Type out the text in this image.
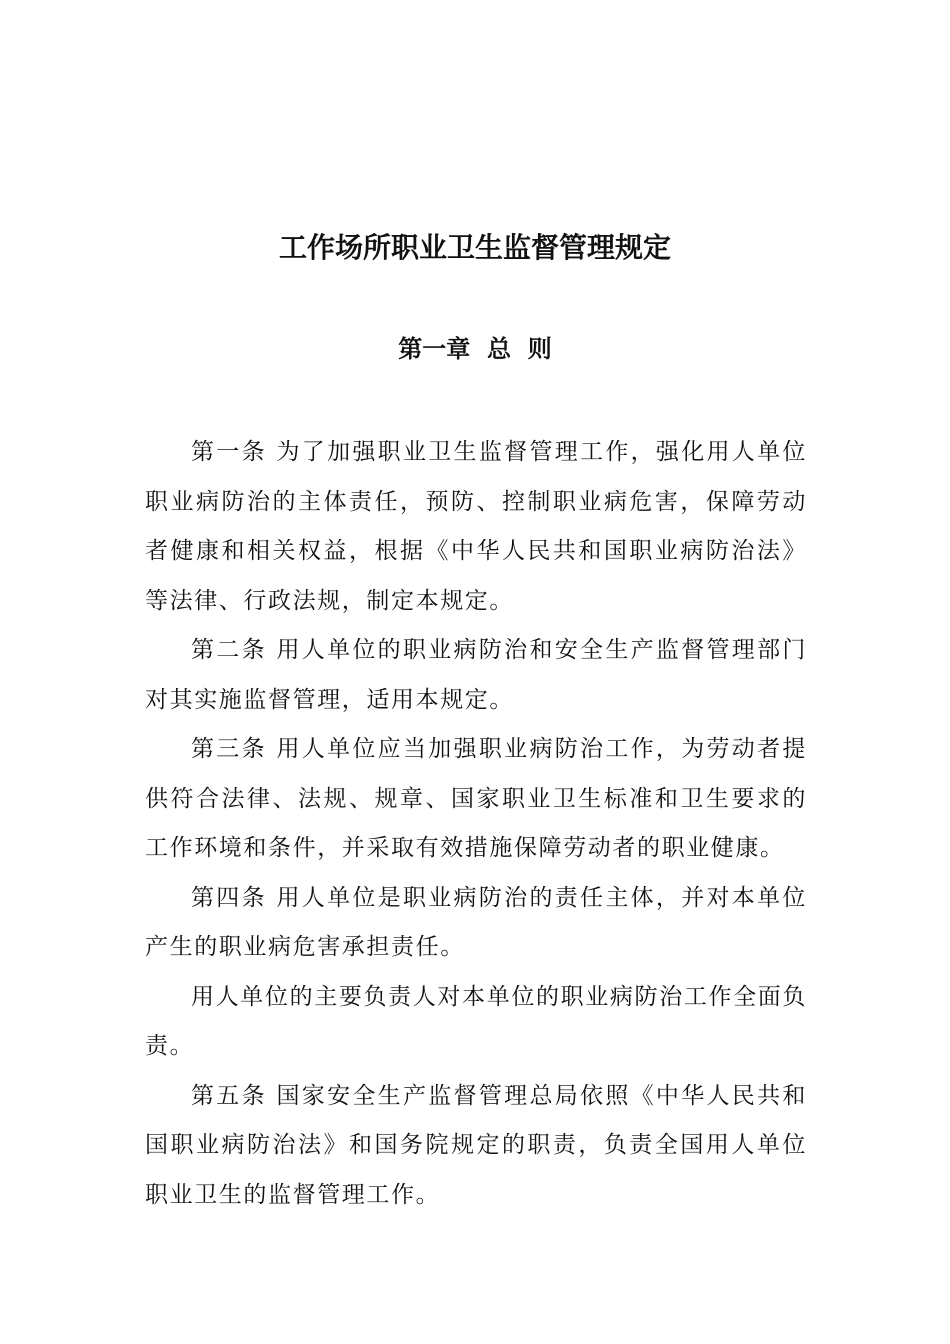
工作场所职业卫生监督管理规定
第一章  总  则

第一条 为了加强职业卫生监督管理工作，强化用人单位职业病防治的主体责任，预防、控制职业病危害，保障劳动者健康和相关权益，根据《中华人民共和国职业病防治法》等法律、行政法规，制定本规定。

第二条 用人单位的职业病防治和安全生产监督管理部门对其实施监督管理，适用本规定。

第三条 用人单位应当加强职业病防治工作，为劳动者提供符合法律、法规、规章、国家职业卫生标准和卫生要求的工作环境和条件，并采取有效措施保障劳动者的职业健康。

第四条 用人单位是职业病防治的责任主体，并对本单位产生的职业病危害承担责任。

用人单位的主要负责人对本单位的职业病防治工作全面负责。

第五条 国家安全生产监督管理总局依照《中华人民共和国职业病防治法》和国务院规定的职责，负责全国用人单位职业卫生的监督管理工作。
